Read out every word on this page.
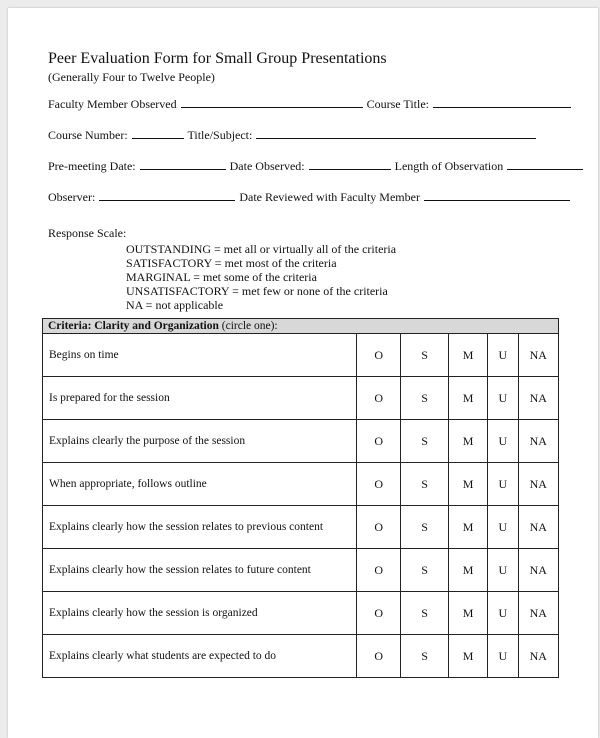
Peer Evaluation Form for Small Group Presentations
(Generally Four to Twelve People)
Faculty Member Observed	Course Title:
Course Number:	Title/Subject:
Pre-meeting Date:	Date Observed:	Length of Observation
Observer:	Date Reviewed with Faculty Member
Response Scale:
OUTSTANDING = met all or virtually all of the criteria
SATISFACTORY = met most of the criteria
MARGINAL = met some of the criteria
UNSATISFACTORY = met few or none of the criteria
NA = not applicable
Criteria: Clarity and Organization (circle one):					
Begins on time	O	S	M	U	NA
Is prepared for the session	O	S	M	U	NA
Explains clearly the purpose of the session	O	S	M	U	NA
When appropriate, follows outline	O	S	M	U	NA
Explains clearly how the session relates to previous content	O	S	M	U	NA
Explains clearly how the session relates to future content	O	S	M	U	NA
Explains clearly how the session is organized	O	S	M	U	NA
Explains clearly what students are expected to do	O	S	M	U	NA
